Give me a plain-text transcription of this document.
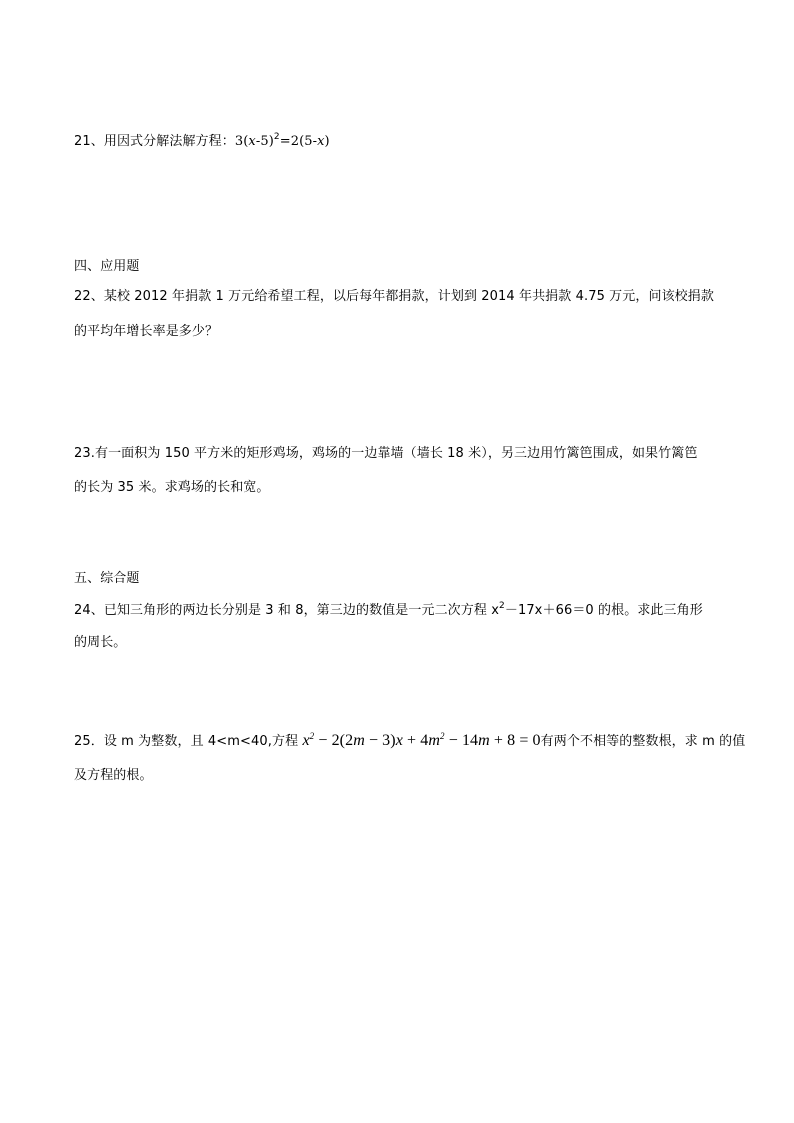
21、用因式分解法解方程：$3(x-5)^2=2(5-x)$
四、应用题
22、某校 2012 年捐款 1 万元给希望工程，以后每年都捐款，计划到 2014 年共捐款 4.75 万元，问该校捐款
的平均年增长率是多少？
23.有一面积为 150 平方米的矩形鸡场，鸡场的一边靠墙（墙长 18 米），另三边用竹篱笆围成，如果竹篱笆
的长为 35 米。求鸡场的长和宽。
五、综合题
24、已知三角形的两边长分别是 3 和 8，第三边的数值是一元二次方程 $x^2-17x+66=0$ 的根。求此三角形
的周长。
25．设 m 为整数，且 4<m<40,方程 $x^2 - 2(2m - 3)x + 4m^2 - 14m + 8 = 0$有两个不相等的整数根，求 m 的值
及方程的根。
